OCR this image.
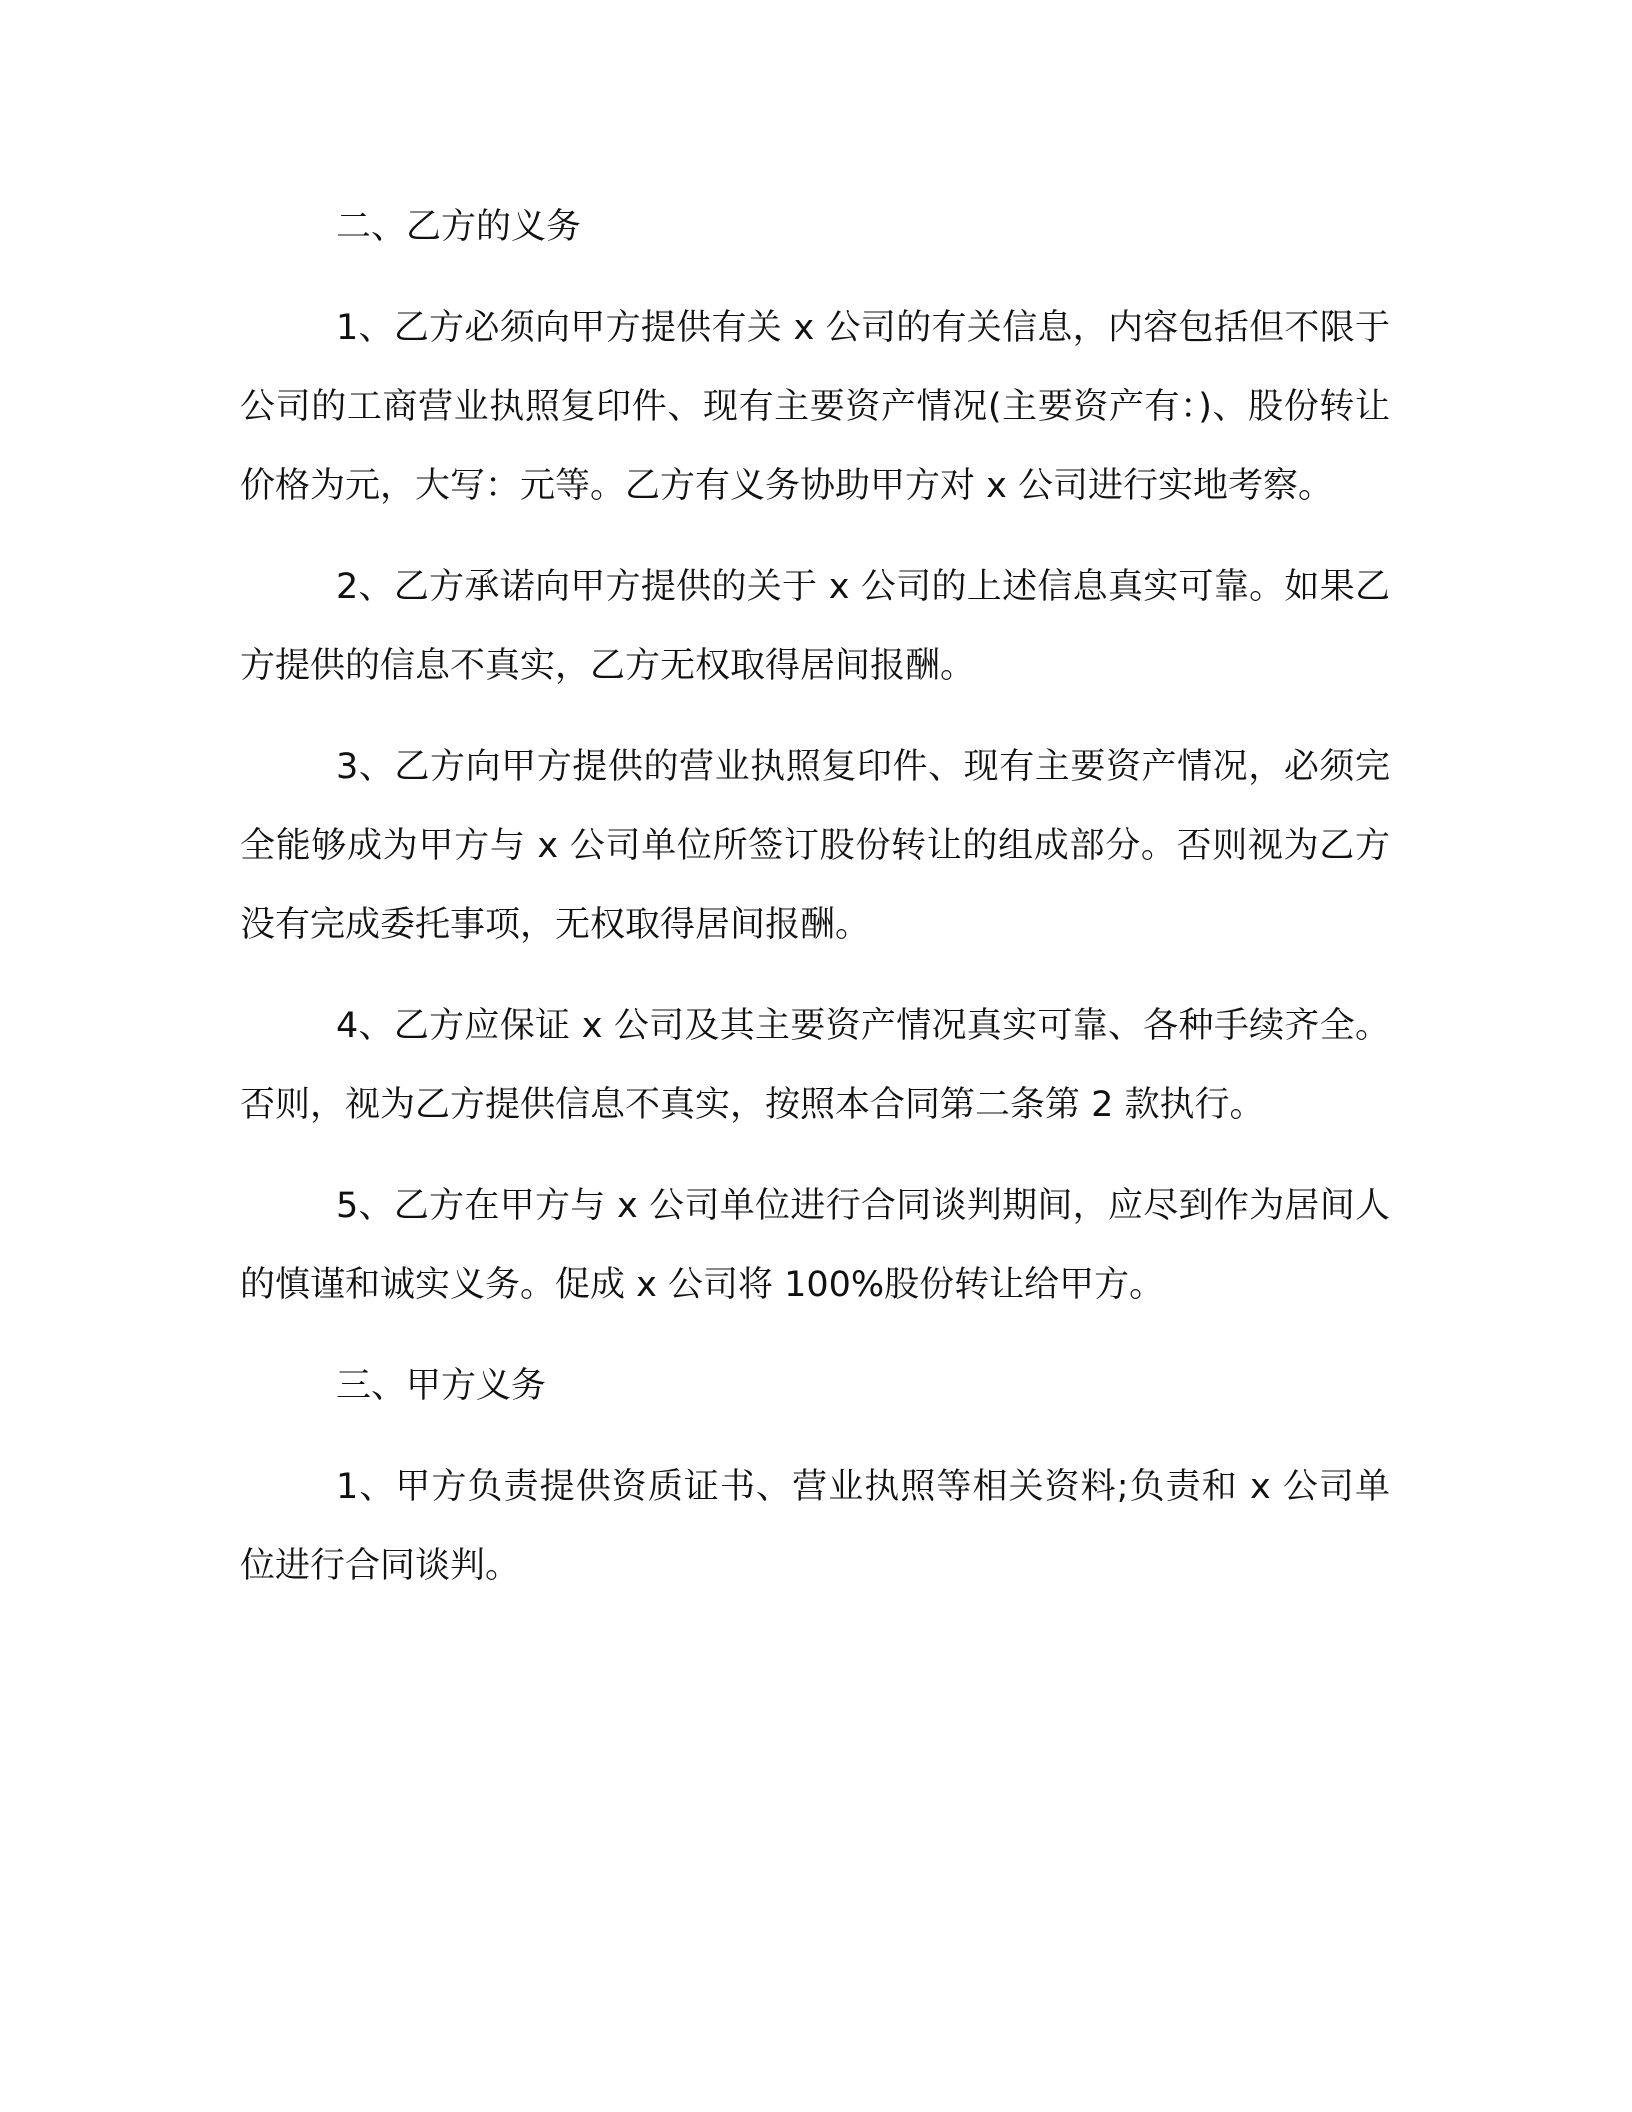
二、乙方的义务

1、乙方必须向甲方提供有关 x 公司的有关信息，内容包括但不限于公司的工商营业执照复印件、现有主要资产情况(主要资产有：)、股份转让价格为元，大写：元等。乙方有义务协助甲方对 x 公司进行实地考察。

2、乙方承诺向甲方提供的关于 x 公司的上述信息真实可靠。如果乙方提供的信息不真实，乙方无权取得居间报酬。

3、乙方向甲方提供的营业执照复印件、现有主要资产情况，必须完全能够成为甲方与 x 公司单位所签订股份转让的组成部分。否则视为乙方没有完成委托事项，无权取得居间报酬。

4、乙方应保证 x 公司及其主要资产情况真实可靠、各种手续齐全。否则，视为乙方提供信息不真实，按照本合同第二条第 2 款执行。

5、乙方在甲方与 x 公司单位进行合同谈判期间，应尽到作为居间人的慎谨和诚实义务。促成 x 公司将 100%股份转让给甲方。

三、甲方义务

1、甲方负责提供资质证书、营业执照等相关资料;负责和 x 公司单位进行合同谈判。
